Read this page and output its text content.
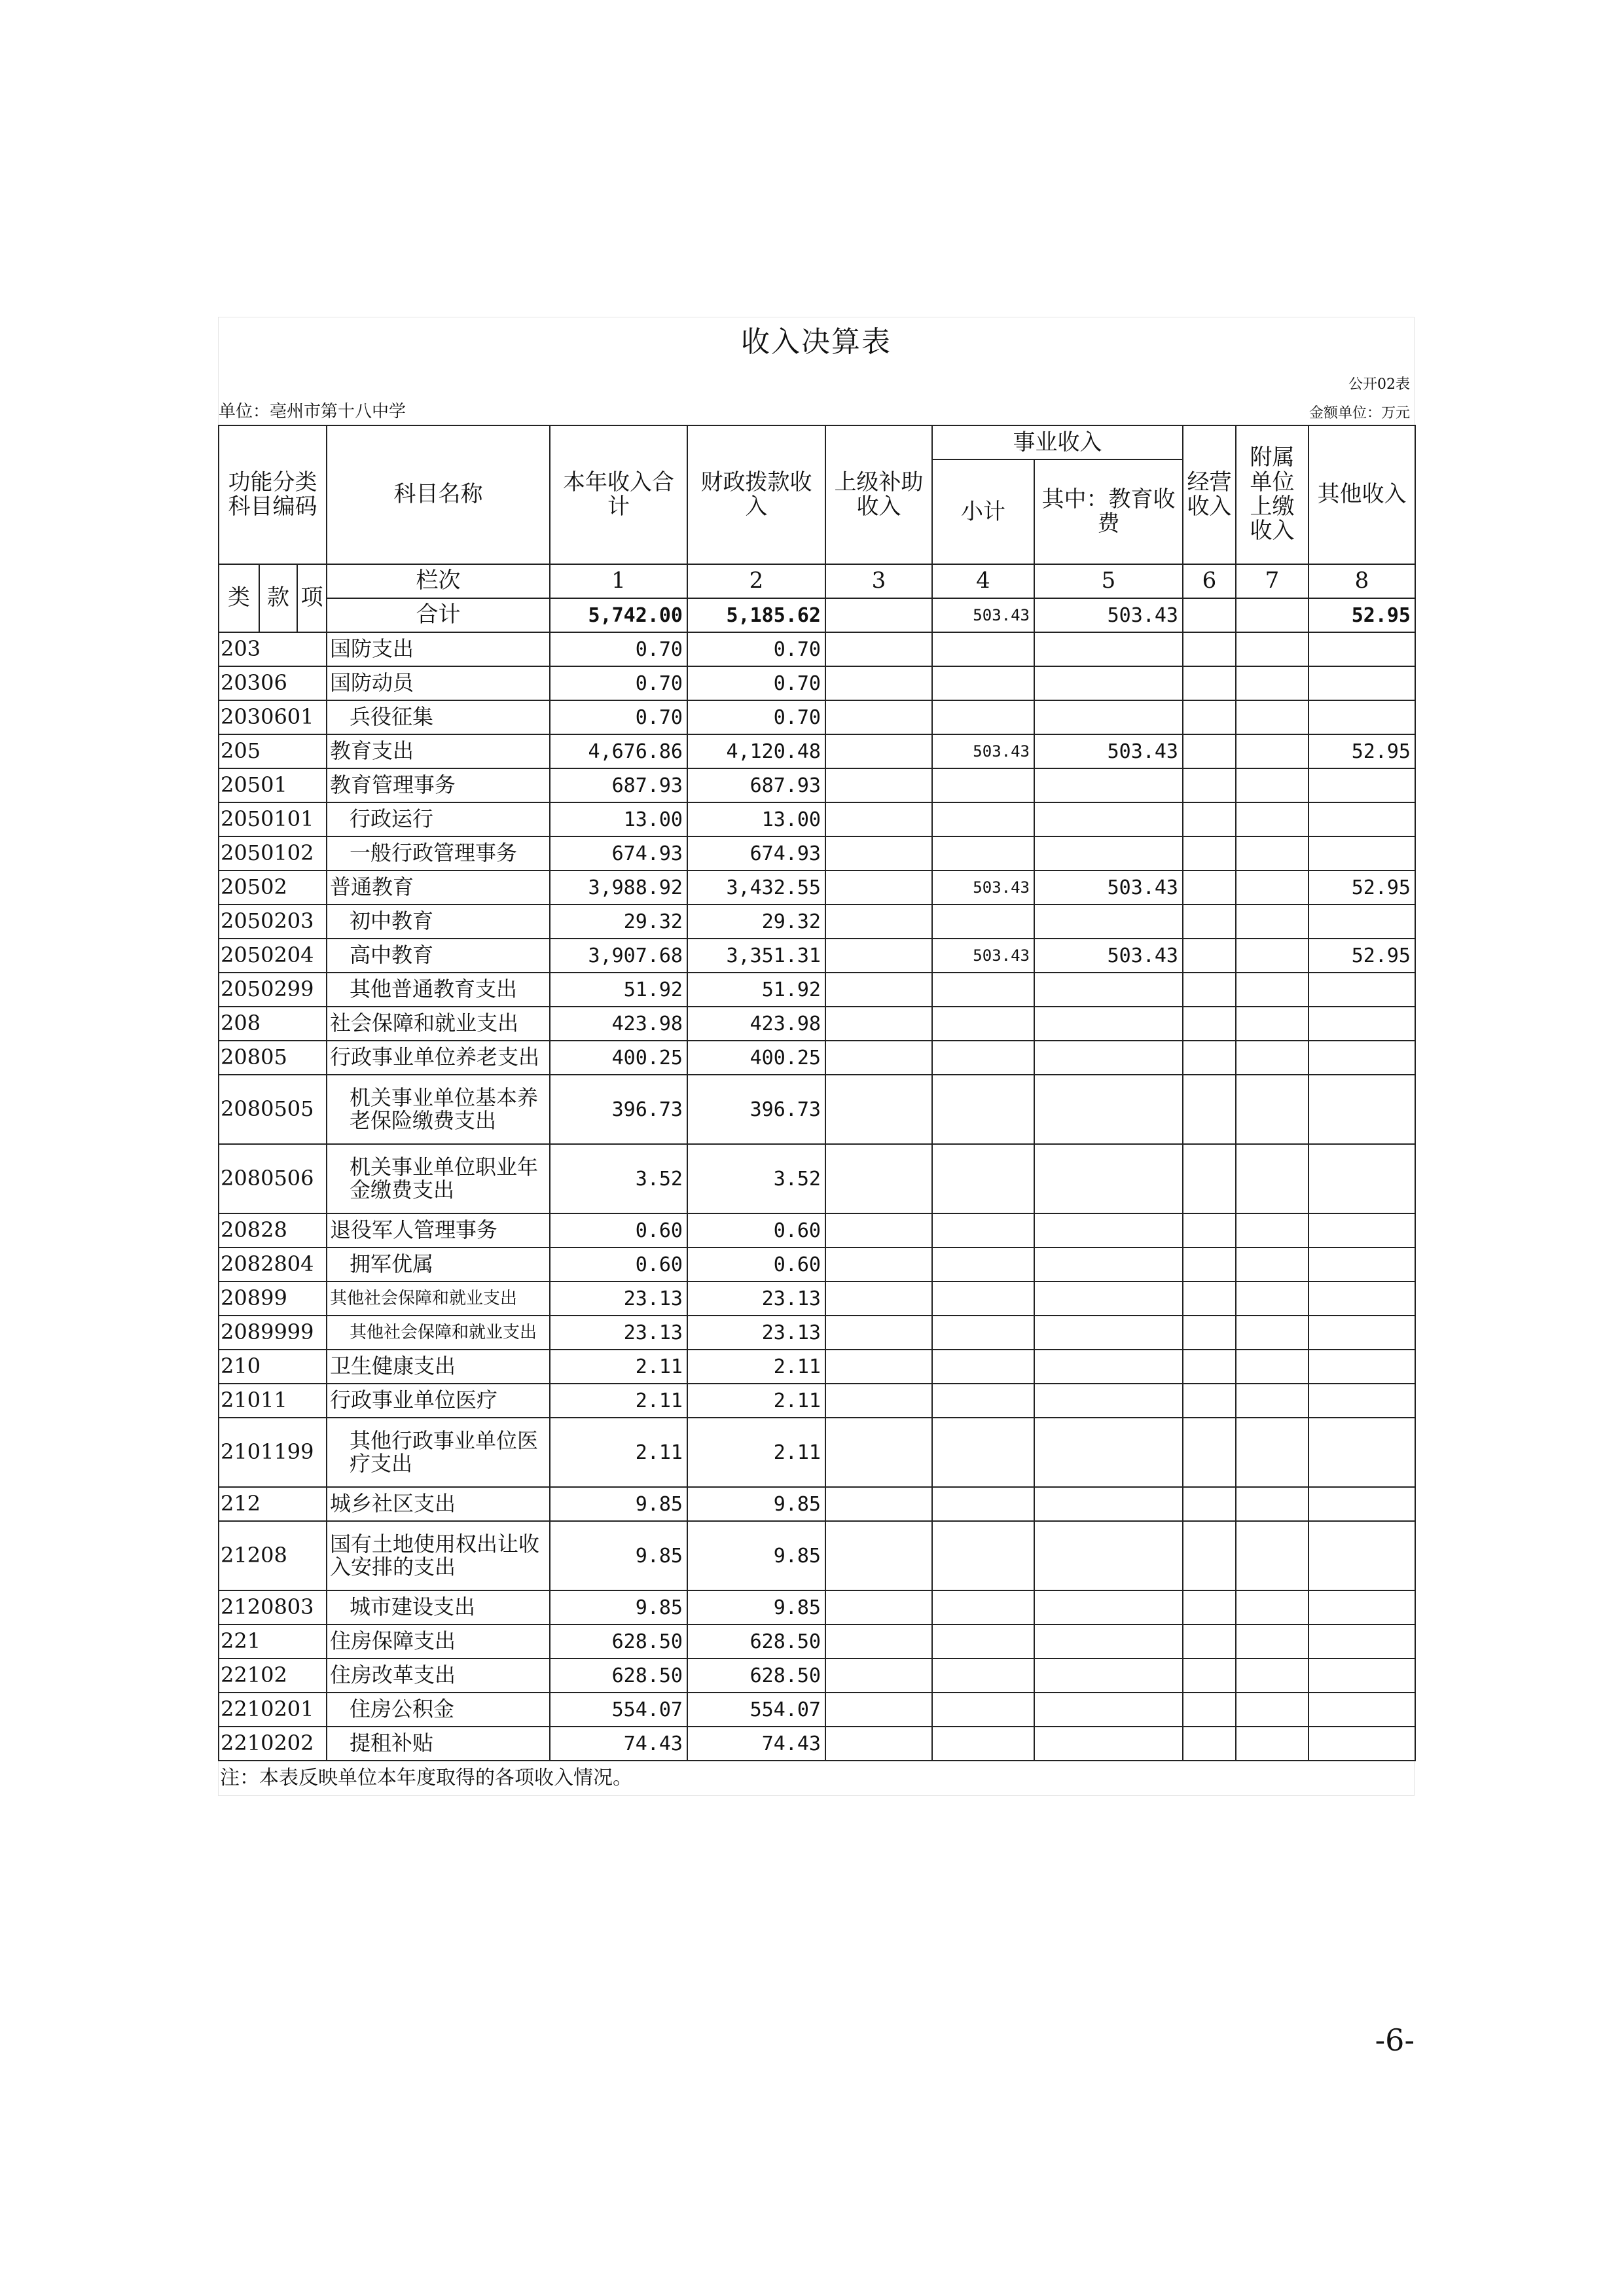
收入决算表
公开02表
单位：亳州市第十八中学	金额单位：万元
功能分类科目编码			科目名称	本年收入合计	财政拨款收入	上级补助收入	事业收入		经营收入	附属单位上缴收入	其他收入
							小计	其中：教育收费			
类	款	项	栏次	1	2	3	4	5	6	7	8
			合计	5,742.00	5,185.62		503.43	503.43			52.95
203			国防支出	0.70	0.70						
20306			国防动员	0.70	0.70						
2030601			兵役征集	0.70	0.70						
205			教育支出	4,676.86	4,120.48		503.43	503.43			52.95
20501			教育管理事务	687.93	687.93						
2050101			行政运行	13.00	13.00						
2050102			一般行政管理事务	674.93	674.93						
20502			普通教育	3,988.92	3,432.55		503.43	503.43			52.95
2050203			初中教育	29.32	29.32						
2050204			高中教育	3,907.68	3,351.31		503.43	503.43			52.95
2050299			其他普通教育支出	51.92	51.92						
208			社会保障和就业支出	423.98	423.98						
20805			行政事业单位养老支出	400.25	400.25						
2080505			机关事业单位基本养老保险缴费支出	396.73	396.73						
2080506			机关事业单位职业年金缴费支出	3.52	3.52						
20828			退役军人管理事务	0.60	0.60						
2082804			拥军优属	0.60	0.60						
20899			其他社会保障和就业支出	23.13	23.13						
2089999			其他社会保障和就业支出	23.13	23.13						
210			卫生健康支出	2.11	2.11						
21011			行政事业单位医疗	2.11	2.11						
2101199			其他行政事业单位医疗支出	2.11	2.11						
212			城乡社区支出	9.85	9.85						
21208			国有土地使用权出让收入安排的支出	9.85	9.85						
2120803			城市建设支出	9.85	9.85						
221			住房保障支出	628.50	628.50						
22102			住房改革支出	628.50	628.50						
2210201			住房公积金	554.07	554.07						
2210202			提租补贴	74.43	74.43						
注：本表反映单位本年度取得的各项收入情况。
-6-
